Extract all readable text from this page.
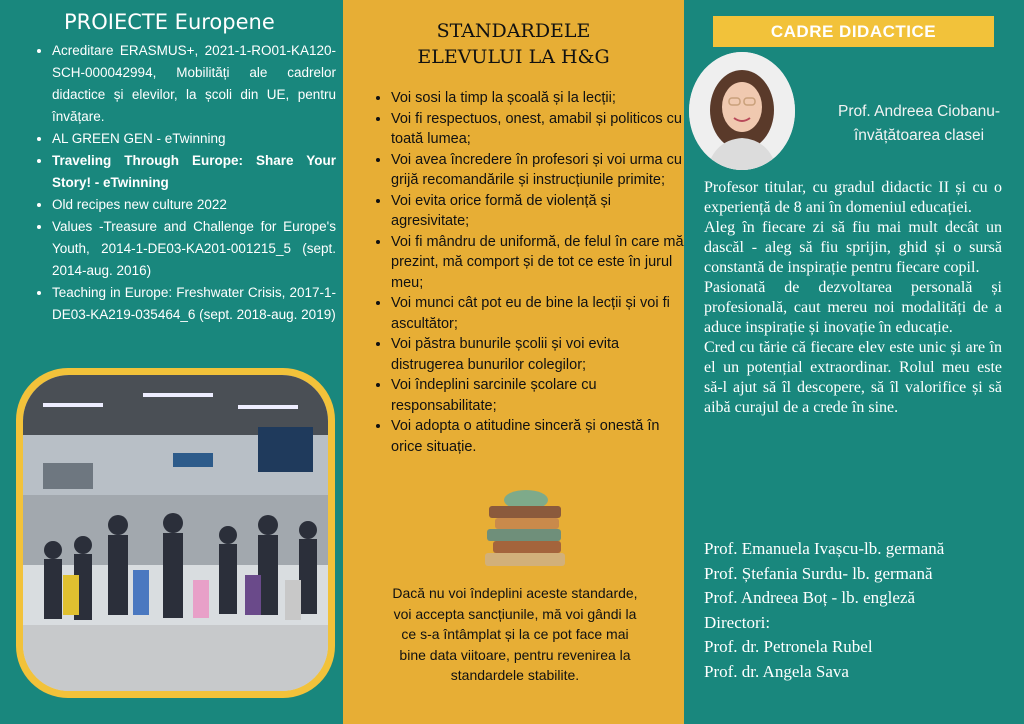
PROIECTE Europene
• Acreditare ERASMUS+, 2021-1-RO01-KA120-SCH-000042994, Mobilități ale cadrelor didactice și elevilor, la școli din UE, pentru învățare.
• AL GREEN GEN - eTwinning
• Traveling Through Europe: Share Your Story! - eTwinning
• Old recipes new culture 2022
• Values -Treasure and Challenge for Europe's Youth, 2014-1-DE03-KA201-001215_5 (sept. 2014-aug. 2016)
• Teaching in Europe: Freshwater Crisis, 2017-1-DE03-KA219-035464_6 (sept. 2018-aug. 2019)
STANDARDELE
ELEVULUI LA H&G
• Voi sosi la timp la școală și la lecții;
• Voi fi respectuos, onest, amabil și politicos cu toată lumea;
• Voi avea încredere în profesori și voi urma cu grijă recomandările și instrucțiunile primite;
• Voi evita orice formă de violență și agresivitate;
• Voi fi mândru de uniformă, de felul în care mă prezint, mă comport și de tot ce este în jurul meu;
• Voi munci cât pot eu de bine la lecții și voi fi ascultător;
• Voi păstra bunurile școlii și voi evita distrugerea bunurilor colegilor;
• Voi îndeplini sarcinile școlare cu responsabilitate;
• Voi adopta o atitudine sinceră și onestă în orice situație.

Dacă nu voi îndeplini aceste standarde, voi accepta sancțiunile, mă voi gândi la ce s-a întâmplat și la ce pot face mai bine data viitoare, pentru revenirea la standardele stabilite.

CADRE DIDACTICE
Prof. Andreea Ciobanu- învățătoarea clasei

Profesor titular, cu gradul didactic II și cu o experiență de 8 ani în domeniul educației.

Aleg în fiecare zi să fiu mai mult decât un dascăl - aleg să fiu sprijin, ghid și o sursă constantă de inspirație pentru fiecare copil.

Pasionată de dezvoltarea personală și profesională, caut mereu noi modalități de a aduce inspirație și inovație în educație.

Cred cu tărie că fiecare elev este unic și are în el un potențial extraordinar. Rolul meu este să-l ajut să îl descopere, să îl valorifice și să aibă curajul de a crede în sine.

Prof. Emanuela Ivașcu-lb. germană
Prof. Ștefania Surdu- lb. germană
Prof. Andreea Boț - lb. engleză
Directori:
Prof. dr. Petronela Rubel
Prof. dr. Angela Sava
